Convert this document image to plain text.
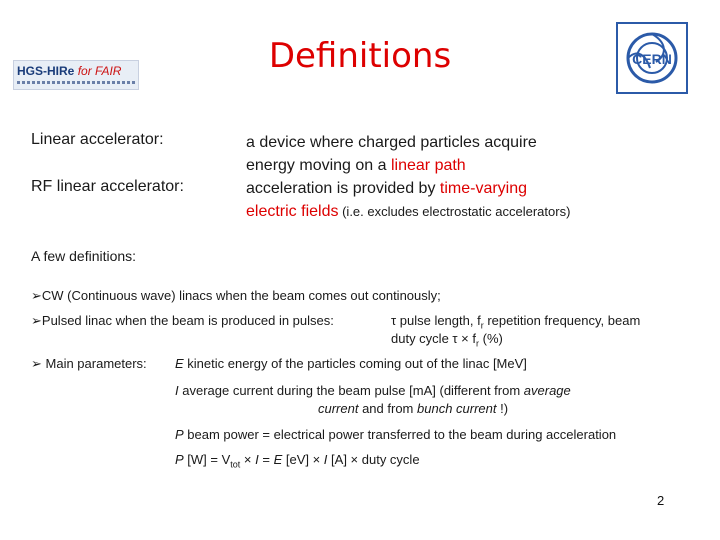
Definitions
HGS-HIRe for FAIR
CERN
Linear accelerator:
RF linear accelerator:
a device where charged particles acquire
energy moving on a linear path
acceleration is provided by time-varying
electric fields (i.e. excludes electrostatic accelerators)
A few definitions:
➢CW (Continuous wave) linacs when the beam comes out continously;
➢Pulsed linac when the beam is produced in pulses:	τ pulse length, $f_r$ repetition frequency, beam
duty cycle $\tau \times f_r$ (%)
➢ Main parameters: E kinetic energy of the particles coming out of the linac [MeV]
I average current during the beam pulse [mA] (different from average
current and from bunch current !)
P beam power = electrical power transferred to the beam during acceleration
P $[W] = V_{tot} \times I = E$ [eV] × I [A] × duty cycle
2
